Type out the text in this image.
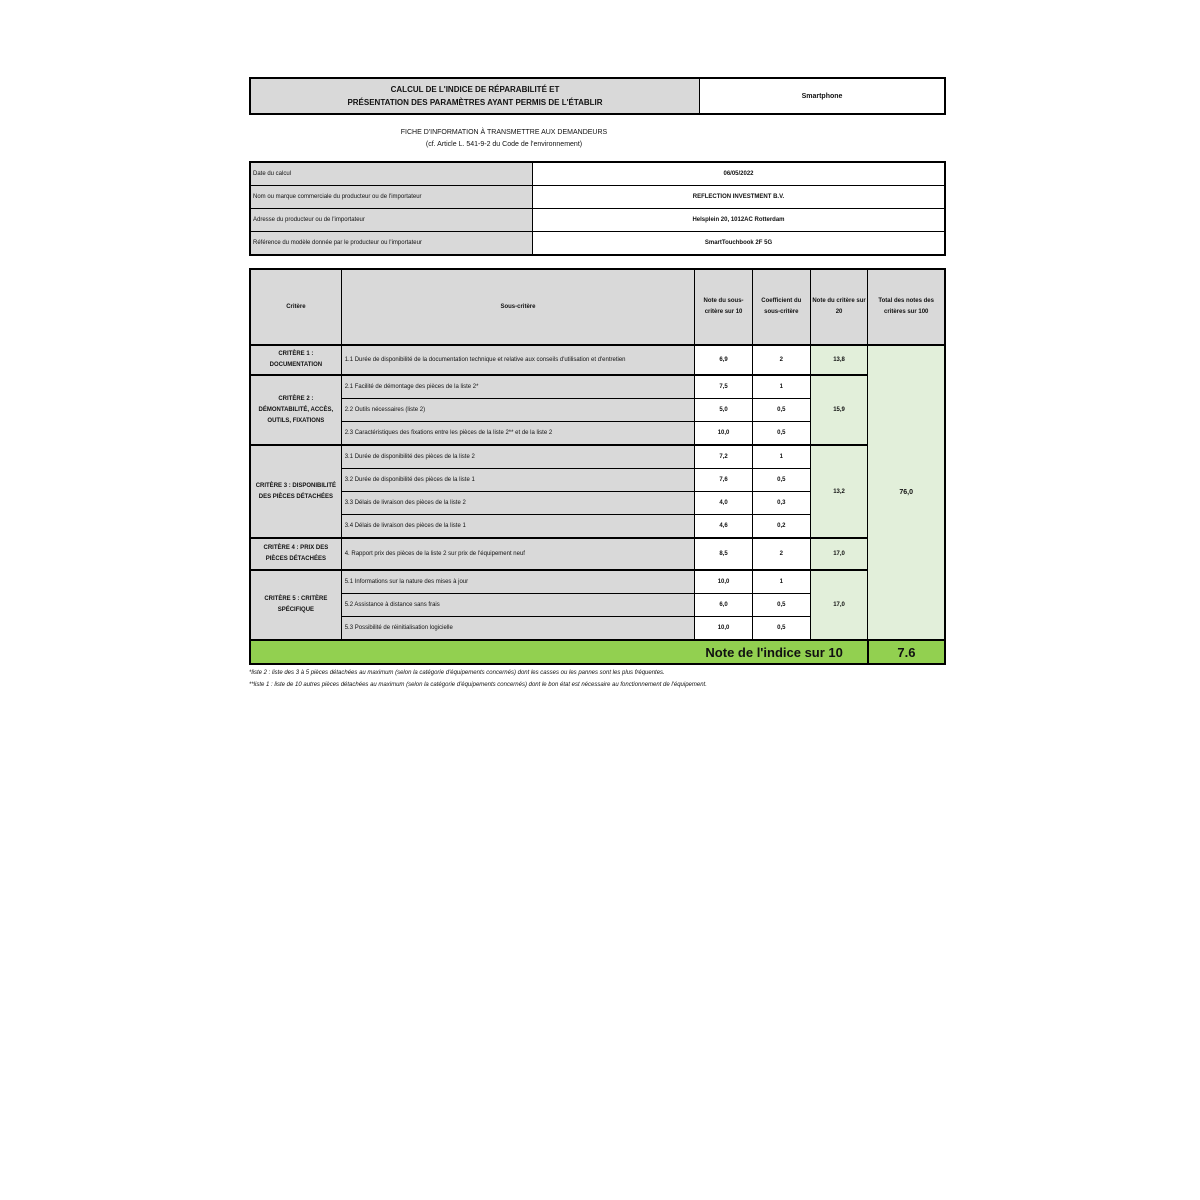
CALCUL DE L'INDICE DE RÉPARABILITÉ ET
PRÉSENTATION DES PARAMÈTRES AYANT PERMIS DE L'ÉTABLIR
	Smartphone
FICHE D'INFORMATION À TRANSMETTRE AUX DEMANDEURS
(cf. Article L. 541-9-2 du Code de l'environnement)
Date du calcul	06/05/2022
Nom ou marque commerciale du producteur ou de l'importateur	REFLECTION INVESTMENT B.V.
Adresse du producteur ou de l'importateur	Helsplein 20, 1012AC Rotterdam
Référence du modèle donnée par le producteur ou l'importateur	SmartTouchbook 2F 5G
Critère	Sous-critère	Note du sous-critère sur 10	Coefficient du sous-critère	Note du critère sur 20	Total des notes des critères sur 100
CRITÈRE 1 : DOCUMENTATION	1.1 Durée de disponibilité de la documentation technique et relative aux conseils d'utilisation et d'entretien	6,9	2	13,8	76,0
CRITÈRE 2 : DÉMONTABILITÉ, ACCÈS, OUTILS, FIXATIONS	2.1 Facilité de démontage des pièces de la liste 2*	7,5	1	15,9	
	2.2 Outils nécessaires (liste 2)	5,0	0,5		
	2.3 Caractéristiques des fixations entre les pièces de la liste 2** et de la liste 2	10,0	0,5		
CRITÈRE 3 : DISPONIBILITÉ DES PIÈCES DÉTACHÉES	3.1 Durée de disponibilité des pièces de la liste 2	7,2	1	13,2	
	3.2 Durée de disponibilité des pièces de la liste 1	7,6	0,5		
	3.3 Délais de livraison des pièces de la liste 2	4,0	0,3		
	3.4 Délais de livraison des pièces de la liste 1	4,6	0,2		
CRITÈRE 4 : PRIX DES PIÈCES DÉTACHÉES	4. Rapport prix des pièces de la liste 2 sur prix de l'équipement neuf	8,5	2	17,0	
CRITÈRE 5 : CRITÈRE SPÉCIFIQUE	5.1 Informations sur la nature des mises à jour	10,0	1	17,0	
	5.2 Assistance à distance sans frais	6,0	0,5		
	5.3 Possibilité de réinitialisation logicielle	10,0	0,5		
Note de l'indice sur 10					7.6
*liste 2 : liste des 3 à 5 pièces détachées au maximum (selon la catégorie d'équipements concernés) dont les casses ou les pannes sont les plus fréquentes.
**liste 1 : liste de 10 autres pièces détachées au maximum (selon la catégorie d'équipements concernés) dont le bon état est nécessaire au fonctionnement de l'équipement.
